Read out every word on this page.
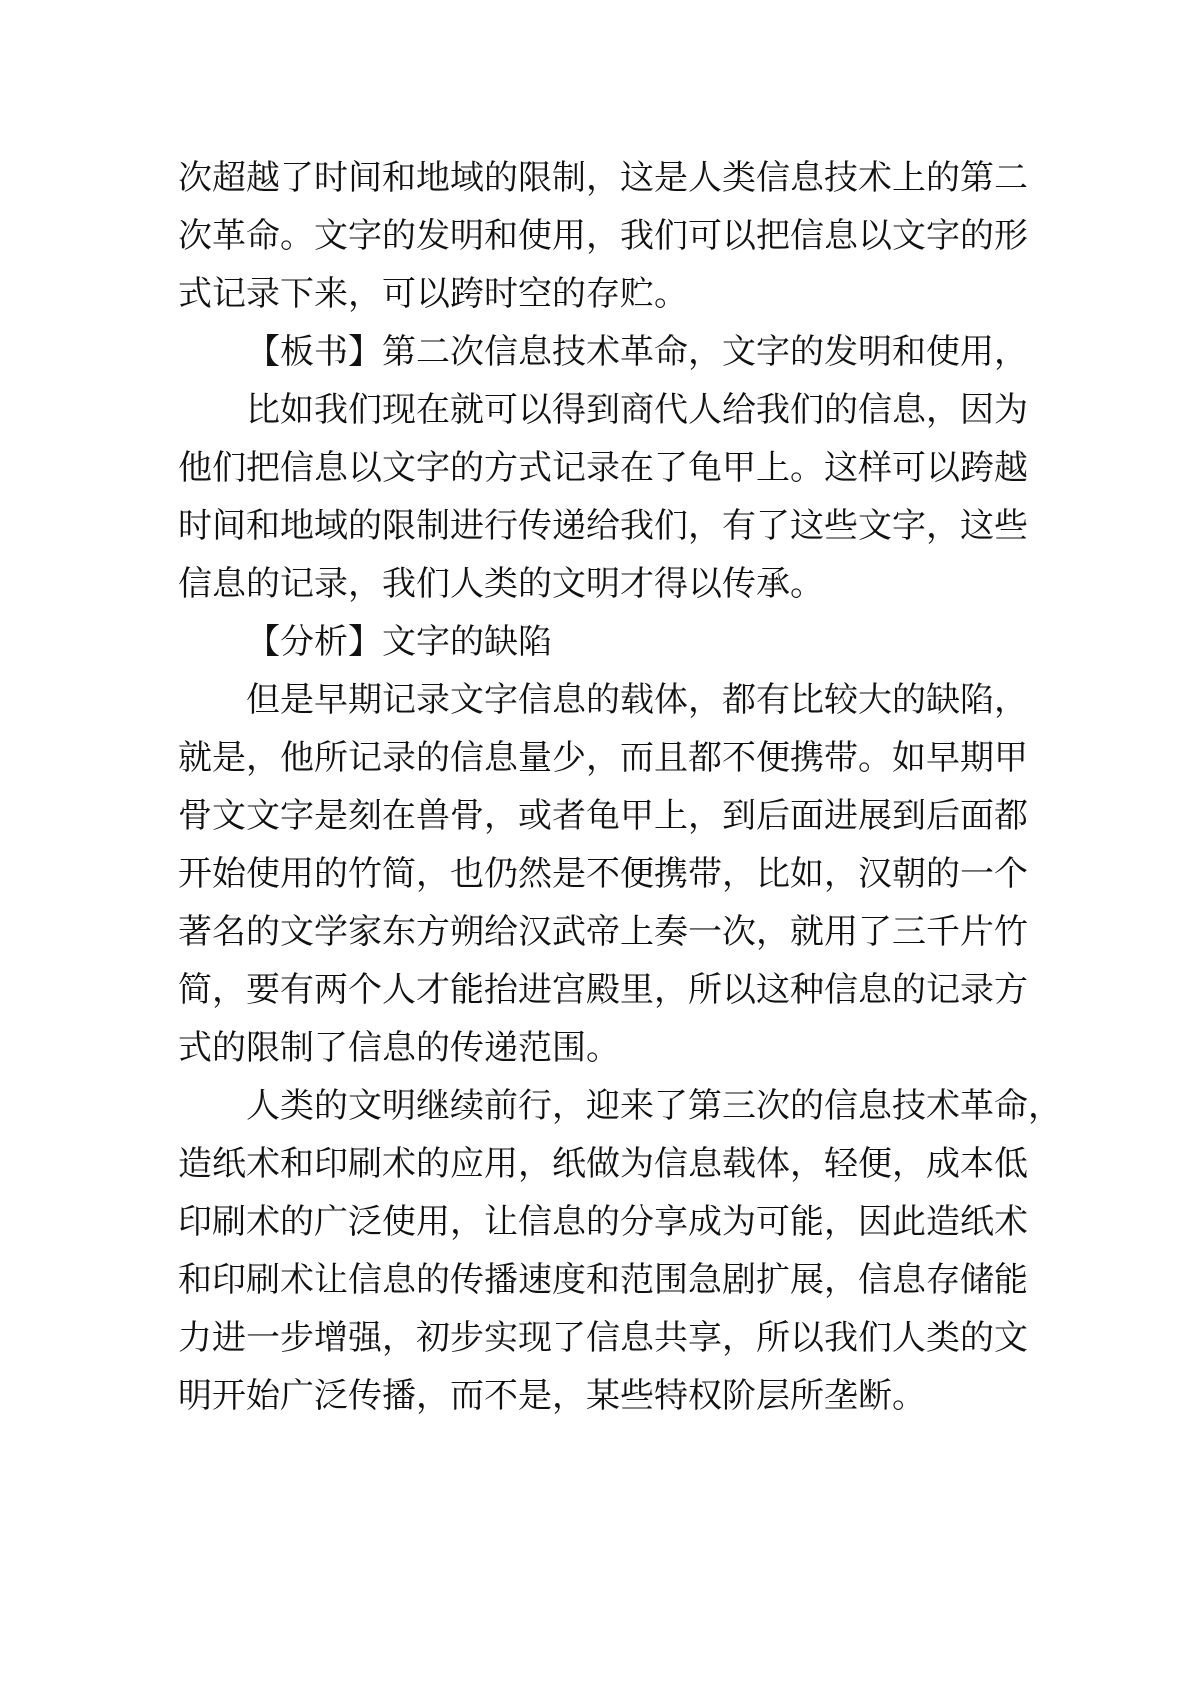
次超越了时间和地域的限制，这是人类信息技术上的第二
次革命。文字的发明和使用，我们可以把信息以文字的形
式记录下来，可以跨时空的存贮。
【板书】第二次信息技术革命，文字的发明和使用，
比如我们现在就可以得到商代人给我们的信息，因为
他们把信息以文字的方式记录在了龟甲上。这样可以跨越
时间和地域的限制进行传递给我们，有了这些文字，这些
信息的记录，我们人类的文明才得以传承。
【分析】文字的缺陷
但是早期记录文字信息的载体，都有比较大的缺陷，
就是，他所记录的信息量少，而且都不便携带。如早期甲
骨文文字是刻在兽骨，或者龟甲上，到后面进展到后面都
开始使用的竹简，也仍然是不便携带，比如，汉朝的一个
著名的文学家东方朔给汉武帝上奏一次，就用了三千片竹
简，要有两个人才能抬进宫殿里，所以这种信息的记录方
式的限制了信息的传递范围。
人类的文明继续前行，迎来了第三次的信息技术革命，
造纸术和印刷术的应用，纸做为信息载体，轻便，成本低
印刷术的广泛使用，让信息的分享成为可能，因此造纸术
和印刷术让信息的传播速度和范围急剧扩展，信息存储能
力进一步增强，初步实现了信息共享，所以我们人类的文
明开始广泛传播，而不是，某些特权阶层所垄断。
